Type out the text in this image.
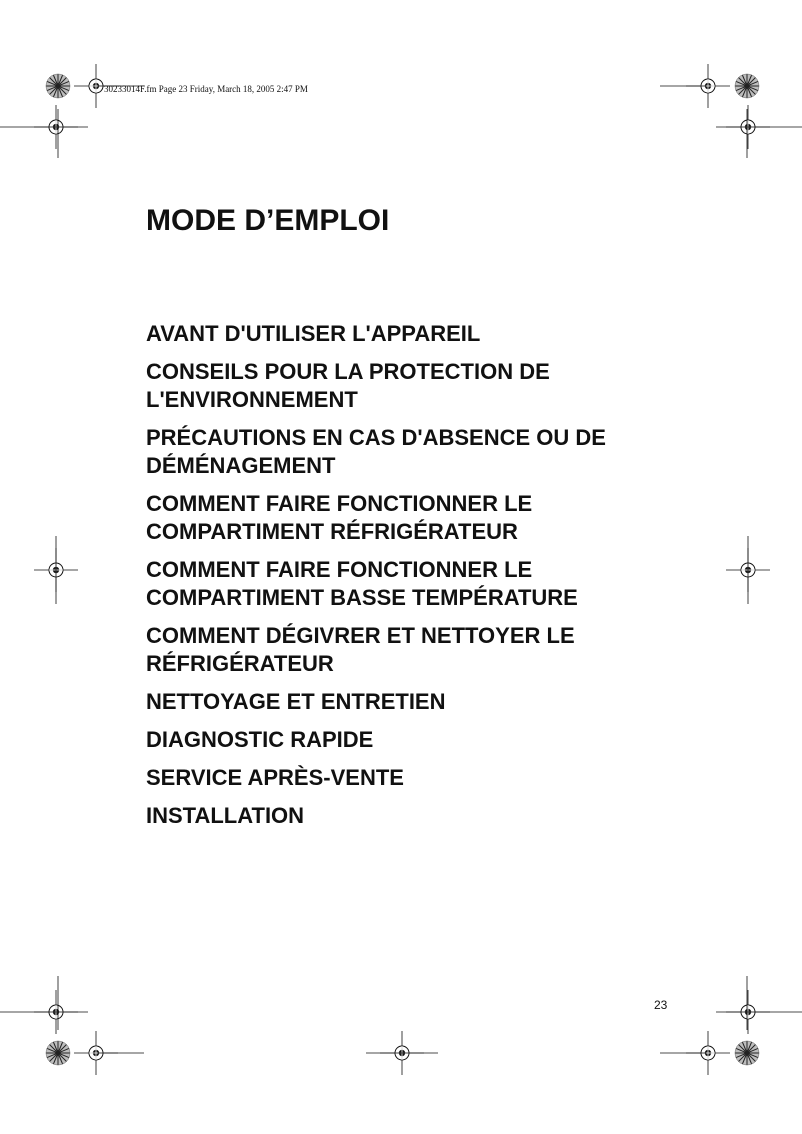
30233014F.fm Page 23 Friday, March 18, 2005 2:47 PM
MODE D’EMPLOI
AVANT D'UTILISER L'APPAREIL
CONSEILS POUR LA PROTECTION DE
L'ENVIRONNEMENT
PRÉCAUTIONS EN CAS D'ABSENCE OU DE
DÉMÉNAGEMENT
COMMENT FAIRE FONCTIONNER LE
COMPARTIMENT RÉFRIGÉRATEUR
COMMENT FAIRE FONCTIONNER LE
COMPARTIMENT BASSE TEMPÉRATURE
COMMENT DÉGIVRER ET NETTOYER LE
RÉFRIGÉRATEUR
NETTOYAGE ET ENTRETIEN
DIAGNOSTIC RAPIDE
SERVICE APRÈS-VENTE
INSTALLATION
23
